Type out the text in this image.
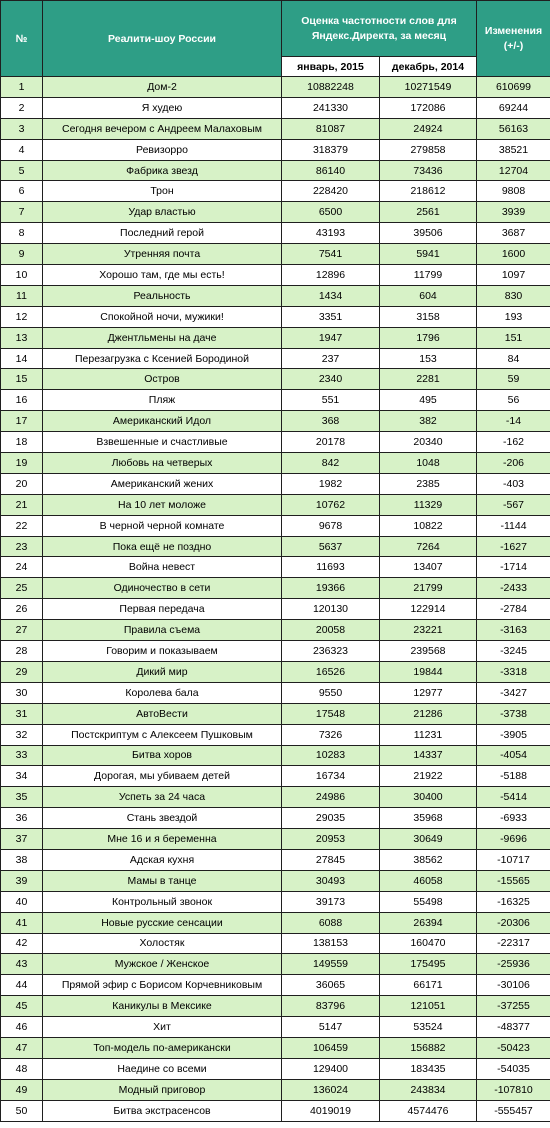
№	Реалити-шоу России	Оценка частотности слов для Яндекс.Директа, за месяц		Изменения (+/-)
		январь, 2015	декабрь, 2014	
1	Дом-2	10882248	10271549	610699
2	Я худею	241330	172086	69244
3	Сегодня вечером с Андреем Малаховым	81087	24924	56163
4	Ревизорро	318379	279858	38521
5	Фабрика звезд	86140	73436	12704
6	Трон	228420	218612	9808
7	Удар властью	6500	2561	3939
8	Последний герой	43193	39506	3687
9	Утренняя почта	7541	5941	1600
10	Хорошо там, где мы есть!	12896	11799	1097
11	Реальность	1434	604	830
12	Спокойной ночи, мужики!	3351	3158	193
13	Джентльмены на даче	1947	1796	151
14	Перезагрузка с Ксенией Бородиной	237	153	84
15	Остров	2340	2281	59
16	Пляж	551	495	56
17	Американский Идол	368	382	-14
18	Взвешенные и счастливые	20178	20340	-162
19	Любовь на четверых	842	1048	-206
20	Американский жених	1982	2385	-403
21	На 10 лет моложе	10762	11329	-567
22	В черной черной комнате	9678	10822	-1144
23	Пока ещё не поздно	5637	7264	-1627
24	Война невест	11693	13407	-1714
25	Одиночество в сети	19366	21799	-2433
26	Первая передача	120130	122914	-2784
27	Правила съема	20058	23221	-3163
28	Говорим и показываем	236323	239568	-3245
29	Дикий мир	16526	19844	-3318
30	Королева бала	9550	12977	-3427
31	АвтоВести	17548	21286	-3738
32	Постскриптум с Алексеем Пушковым	7326	11231	-3905
33	Битва хоров	10283	14337	-4054
34	Дорогая, мы убиваем детей	16734	21922	-5188
35	Успеть за 24 часа	24986	30400	-5414
36	Стань звездой	29035	35968	-6933
37	Мне 16 и я беременна	20953	30649	-9696
38	Адская кухня	27845	38562	-10717
39	Мамы в танце	30493	46058	-15565
40	Контрольный звонок	39173	55498	-16325
41	Новые русские сенсации	6088	26394	-20306
42	Холостяк	138153	160470	-22317
43	Мужское / Женское	149559	175495	-25936
44	Прямой эфир с Борисом Корчевниковым	36065	66171	-30106
45	Каникулы в Мексике	83796	121051	-37255
46	Хит	5147	53524	-48377
47	Топ-модель по-американски	106459	156882	-50423
48	Наедине со всеми	129400	183435	-54035
49	Модный приговор	136024	243834	-107810
50	Битва экстрасенсов	4019019	4574476	-555457
